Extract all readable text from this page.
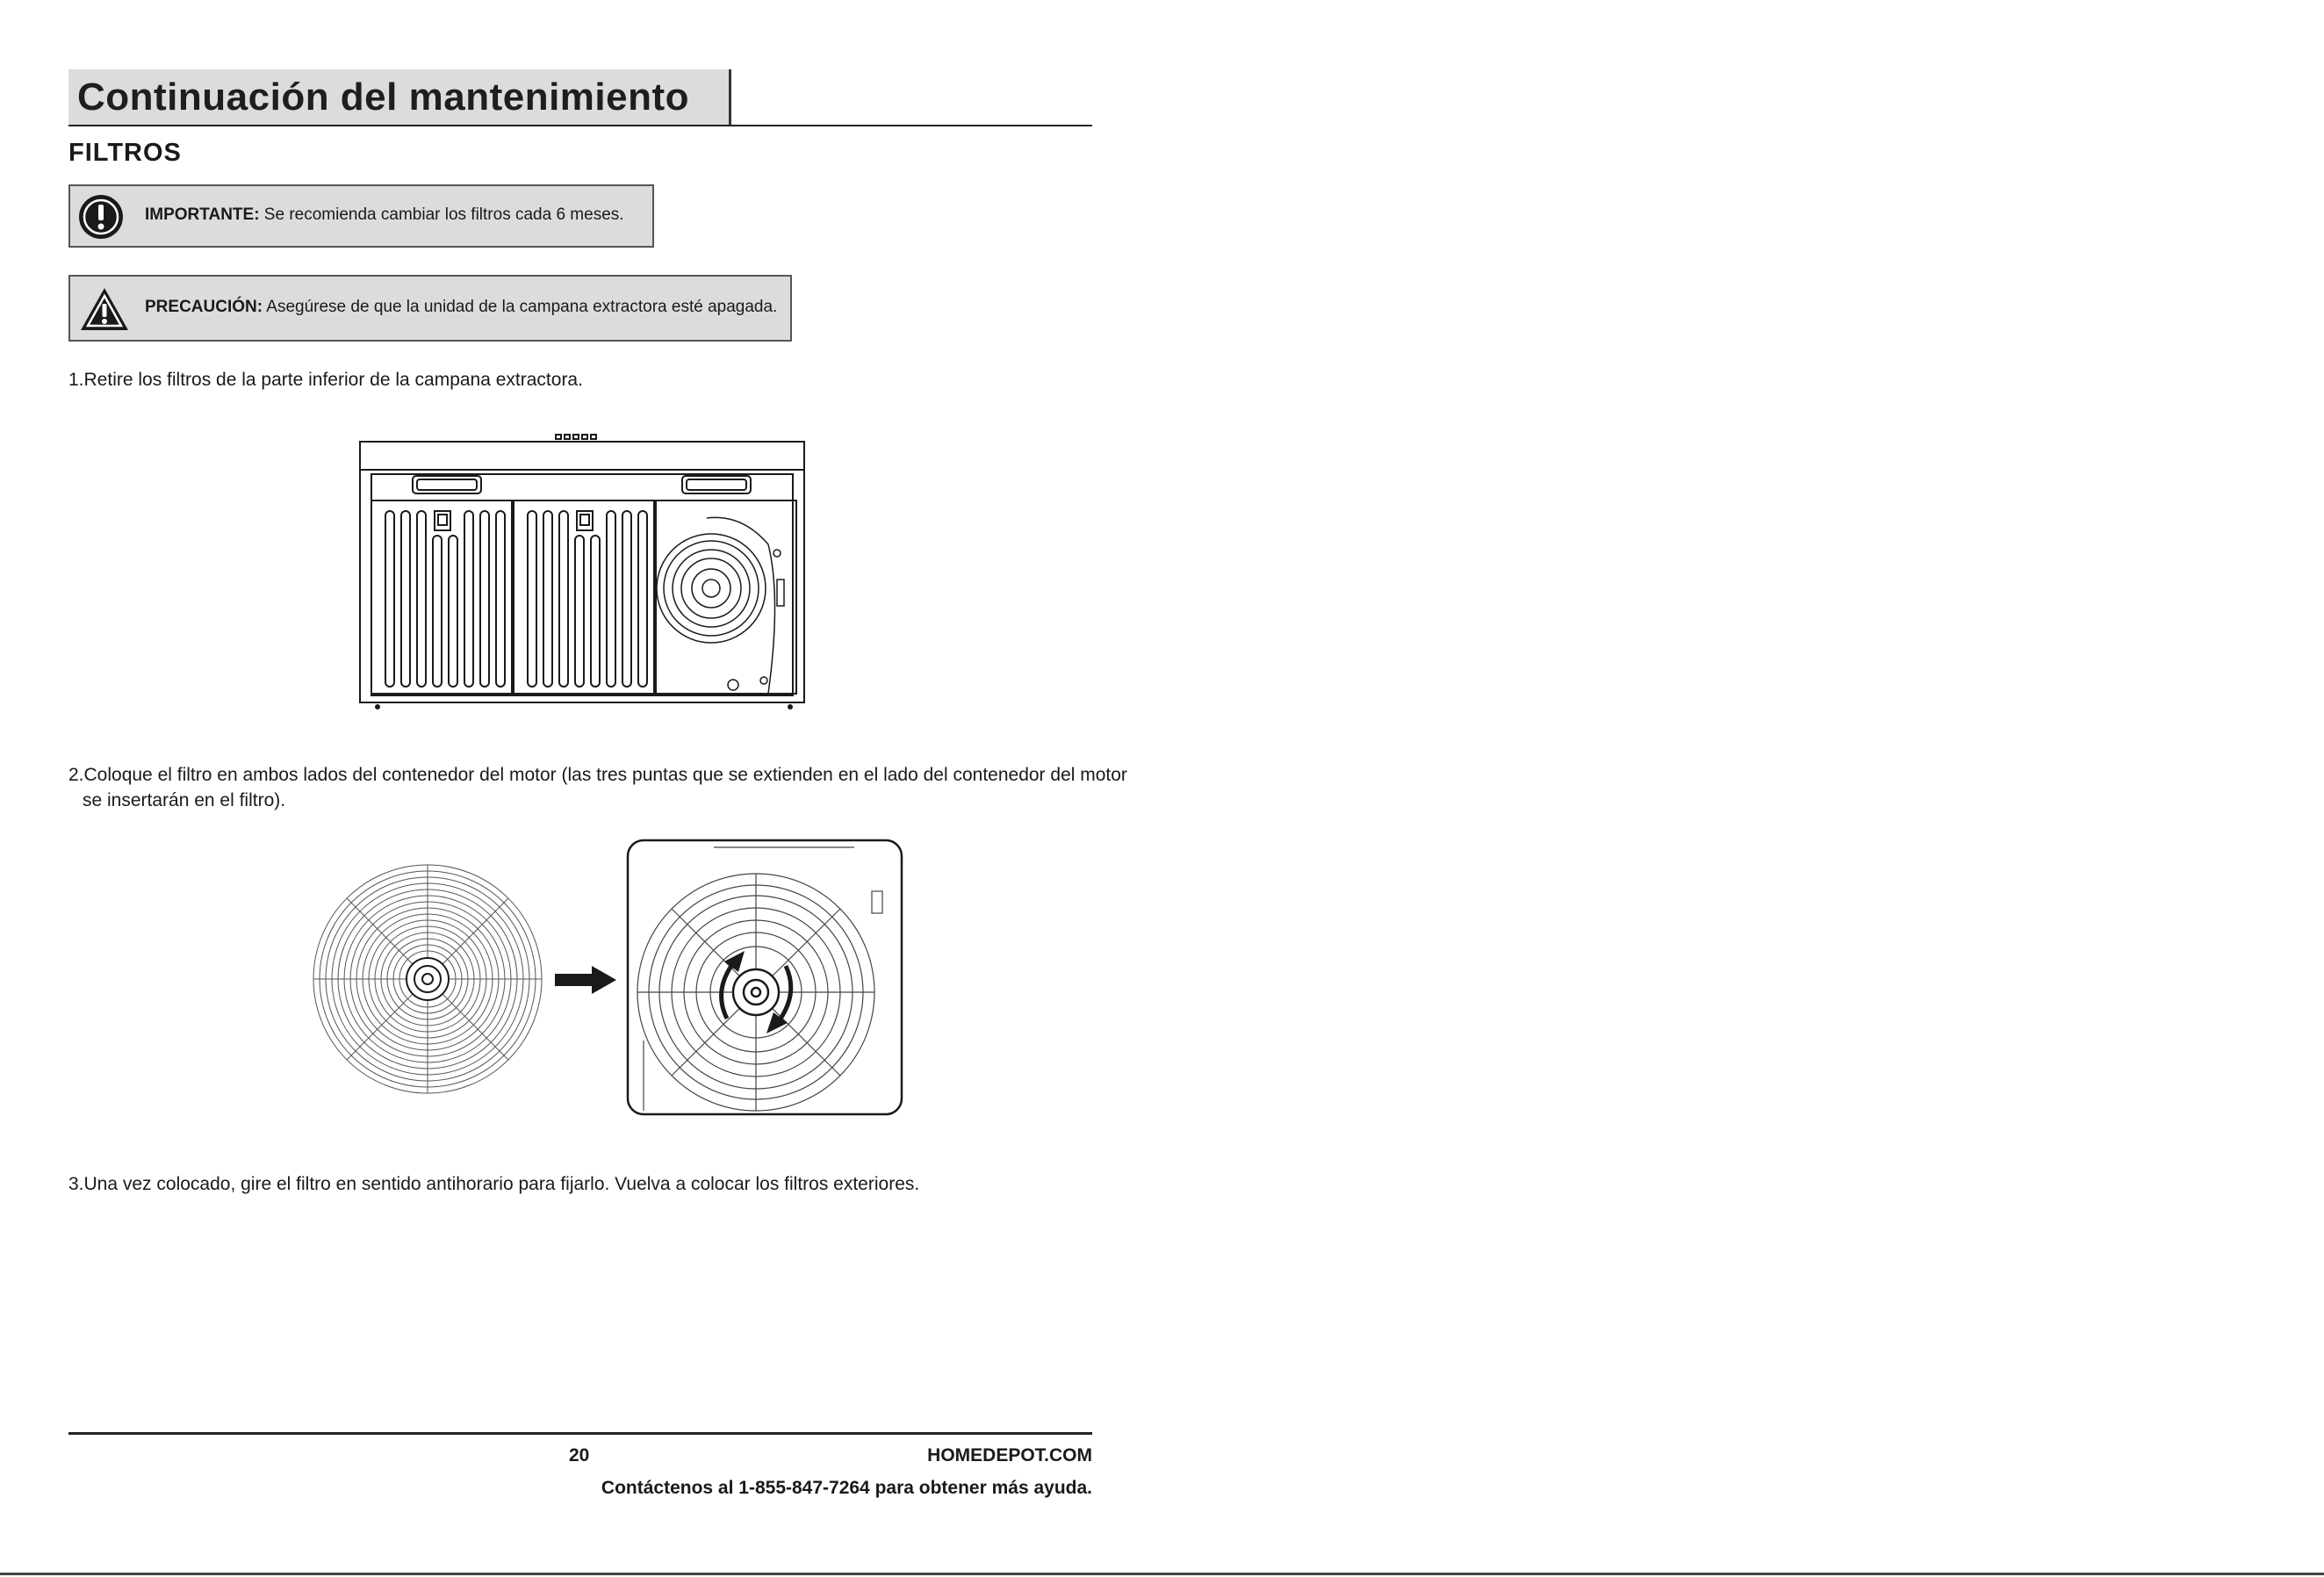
Continuación del mantenimiento
FILTROS
IMPORTANTE: Se recomienda cambiar los filtros cada 6 meses.
PRECAUCIÓN: Asegúrese de que la unidad de la campana extractora esté apagada.
1.Retire los filtros de la parte inferior de la campana extractora.
2.Coloque el filtro en ambos lados del contenedor del motor (las tres puntas que se extienden en el lado del contenedor del motor
se insertarán en el filtro).
3.Una vez colocado, gire el filtro en sentido antihorario para fijarlo. Vuelva a colocar los filtros exteriores.
20	HOMEDEPOT.COM
Contáctenos al 1-855-847-7264 para obtener más ayuda.
